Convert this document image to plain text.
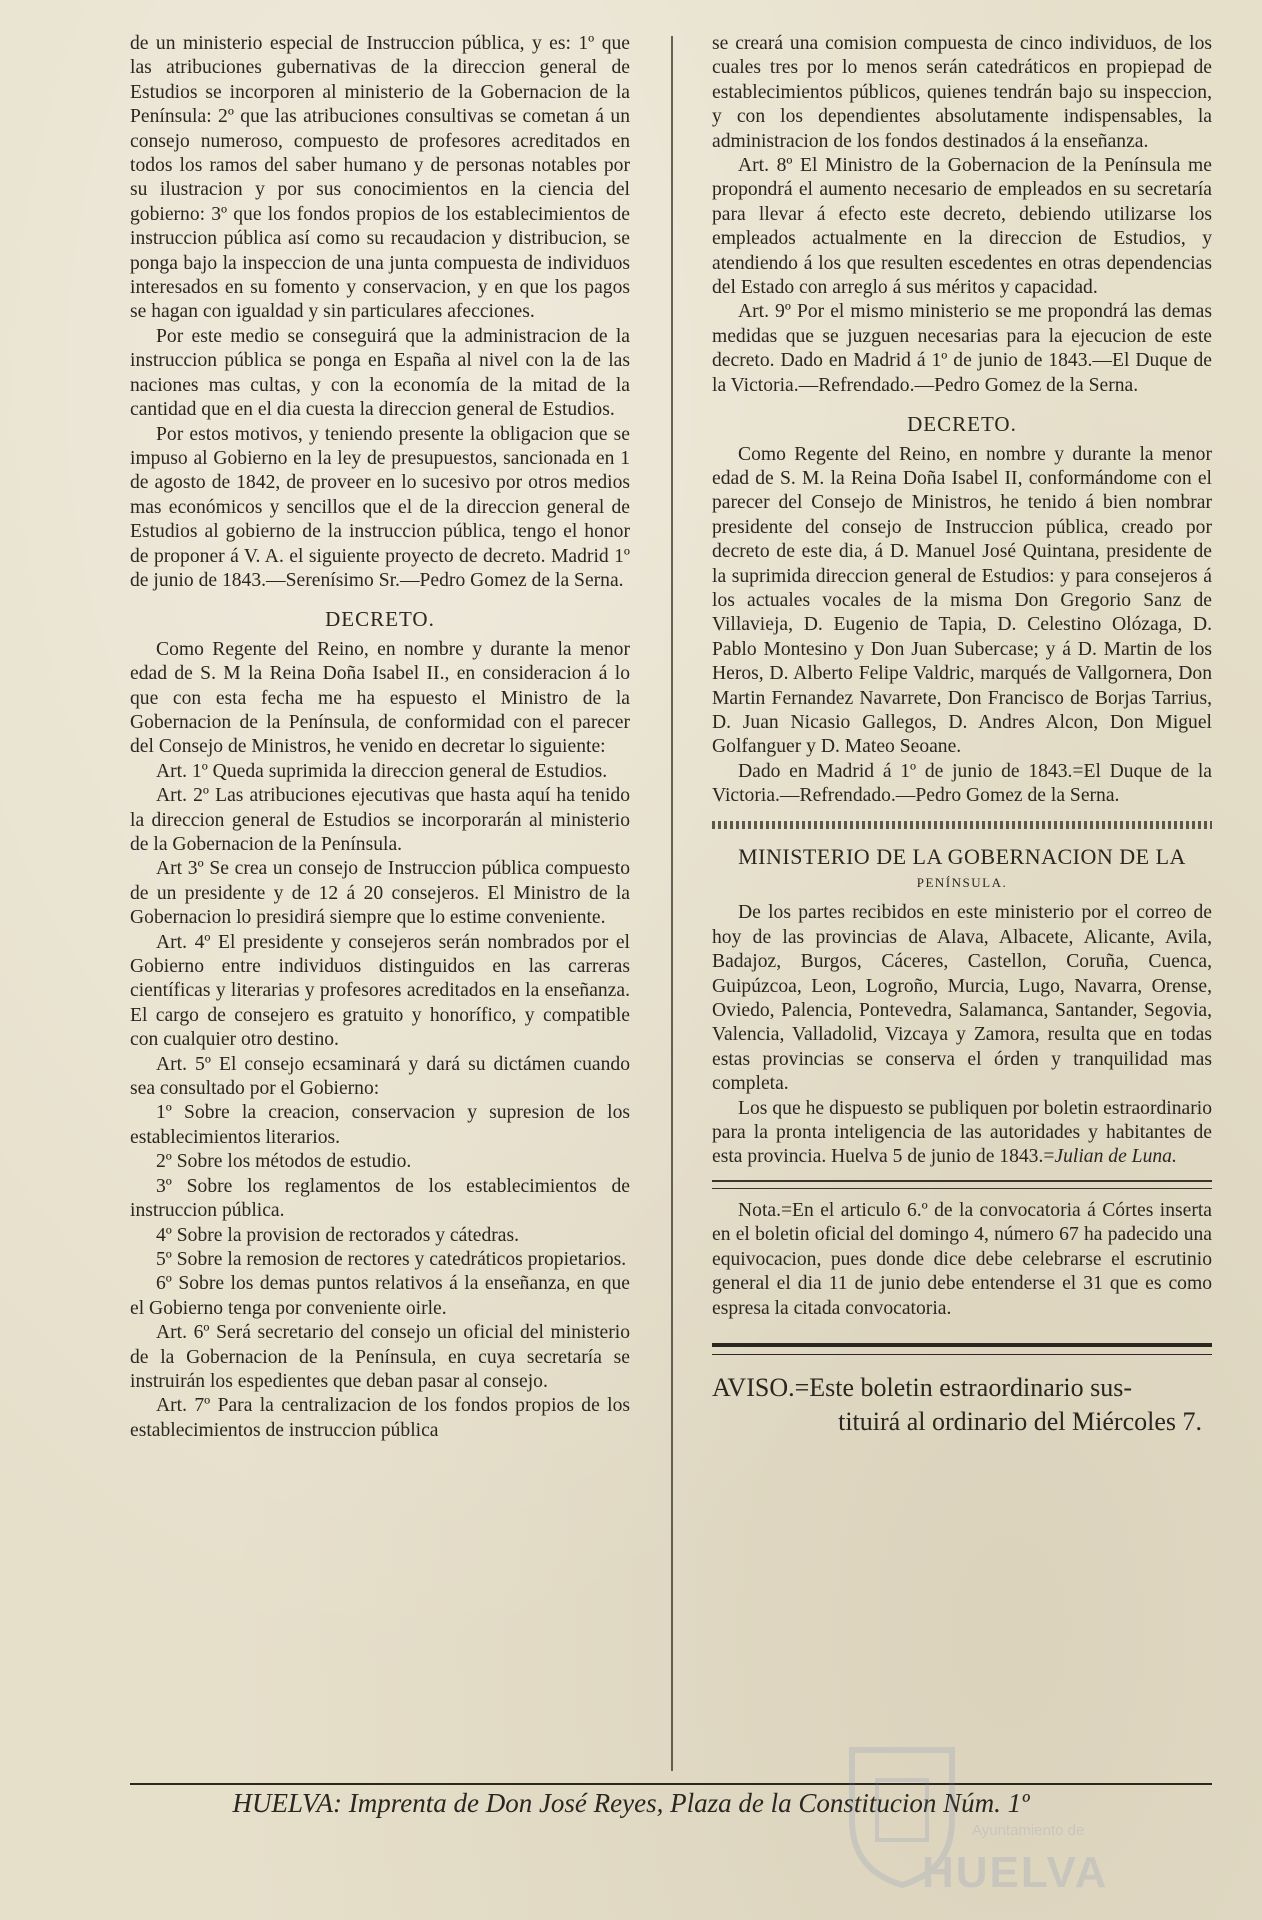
de un ministerio especial de Instruccion pública, y es: 1º que las atribuciones gubernativas de la direccion general de Estudios se incorporen al ministerio de la Gobernacion de la Península: 2º que las atribuciones consultivas se cometan á un consejo numeroso, compuesto de profesores acreditados en todos los ramos del saber humano y de personas notables por su ilustracion y por sus conocimientos en la ciencia del gobierno: 3º que los fondos propios de los establecimientos de instruccion pública así como su recaudacion y distribucion, se ponga bajo la inspeccion de una junta compuesta de individuos interesados en su fomento y conservacion, y en que los pagos se hagan con igualdad y sin particulares afecciones.

Por este medio se conseguirá que la administracion de la instruccion pública se ponga en España al nivel con la de las naciones mas cultas, y con la economía de la mitad de la cantidad que en el dia cuesta la direccion general de Estudios.

Por estos motivos, y teniendo presente la obligacion que se impuso al Gobierno en la ley de presupuestos, sancionada en 1 de agosto de 1842, de proveer en lo sucesivo por otros medios mas económicos y sencillos que el de la direccion general de Estudios al gobierno de la instruccion pública, tengo el honor de proponer á V. A. el siguiente proyecto de decreto. Madrid 1º de junio de 1843.—Serenísimo Sr.—Pedro Gomez de la Serna.

DECRETO.

Como Regente del Reino, en nombre y durante la menor edad de S. M la Reina Doña Isabel II., en consideracion á lo que con esta fecha me ha espuesto el Ministro de la Gobernacion de la Península, de conformidad con el parecer del Consejo de Ministros, he venido en decretar lo siguiente:

Art. 1º Queda suprimida la direccion general de Estudios.

Art. 2º Las atribuciones ejecutivas que hasta aquí ha tenido la direccion general de Estudios se incorporarán al ministerio de la Gobernacion de la Península.

Art 3º Se crea un consejo de Instruccion pública compuesto de un presidente y de 12 á 20 consejeros. El Ministro de la Gobernacion lo presidirá siempre que lo estime conveniente.

Art. 4º El presidente y consejeros serán nombrados por el Gobierno entre individuos distinguidos en las carreras científicas y literarias y profesores acreditados en la enseñanza. El cargo de consejero es gratuito y honorífico, y compatible con cualquier otro destino.

Art. 5º El consejo ecsaminará y dará su dictámen cuando sea consultado por el Gobierno:

1º Sobre la creacion, conservacion y supresion de los establecimientos literarios.

2º Sobre los métodos de estudio.

3º Sobre los reglamentos de los establecimientos de instruccion pública.

4º Sobre la provision de rectorados y cátedras.

5º Sobre la remosion de rectores y catedráticos propietarios.

6º Sobre los demas puntos relativos á la enseñanza, en que el Gobierno tenga por conveniente oirle.

Art. 6º Será secretario del consejo un oficial del ministerio de la Gobernacion de la Península, en cuya secretaría se instruirán los espedientes que deban pasar al consejo.

Art. 7º Para la centralizacion de los fondos propios de los establecimientos de instruccion pública

se creará una comision compuesta de cinco individuos, de los cuales tres por lo menos serán catedráticos en propiepad de establecimientos públicos, quienes tendrán bajo su inspeccion, y con los dependientes absolutamente indispensables, la administracion de los fondos destinados á la enseñanza.

Art. 8º El Ministro de la Gobernacion de la Península me propondrá el aumento necesario de empleados en su secretaría para llevar á efecto este decreto, debiendo utilizarse los empleados actualmente en la direccion de Estudios, y atendiendo á los que resulten escedentes en otras dependencias del Estado con arreglo á sus méritos y capacidad.

Art. 9º Por el mismo ministerio se me propondrá las demas medidas que se juzguen necesarias para la ejecucion de este decreto. Dado en Madrid á 1º de junio de 1843.—El Duque de la Victoria.—Refrendado.—Pedro Gomez de la Serna.

DECRETO.

Como Regente del Reino, en nombre y durante la menor edad de S. M. la Reina Doña Isabel II, conformándome con el parecer del Consejo de Ministros, he tenido á bien nombrar presidente del consejo de Instruccion pública, creado por decreto de este dia, á D. Manuel José Quintana, presidente de la suprimida direccion general de Estudios: y para consejeros á los actuales vocales de la misma Don Gregorio Sanz de Villavieja, D. Eugenio de Tapia, D. Celestino Olózaga, D. Pablo Montesino y Don Juan Subercase; y á D. Martin de los Heros, D. Alberto Felipe Valdric, marqués de Vallgornera, Don Martin Fernandez Navarrete, Don Francisco de Borjas Tarrius, D. Juan Nicasio Gallegos, D. Andres Alcon, Don Miguel Golfanguer y D. Mateo Seoane.

Dado en Madrid á 1º de junio de 1843.=El Duque de la Victoria.—Refrendado.—Pedro Gomez de la Serna.

MINISTERIO DE LA GOBERNACION DE LA
PENÍNSULA.

De los partes recibidos en este ministerio por el correo de hoy de las provincias de Alava, Albacete, Alicante, Avila, Badajoz, Burgos, Cáceres, Castellon, Coruña, Cuenca, Guipúzcoa, Leon, Logroño, Murcia, Lugo, Navarra, Orense, Oviedo, Palencia, Pontevedra, Salamanca, Santander, Segovia, Valencia, Valladolid, Vizcaya y Zamora, resulta que en todas estas provincias se conserva el órden y tranquilidad mas completa.

Los que he dispuesto se publiquen por boletin estraordinario para la pronta inteligencia de las autoridades y habitantes de esta provincia. Huelva 5 de junio de 1843.=Julian de Luna.

Nota.=En el articulo 6.º de la convocatoria á Córtes inserta en el boletin oficial del domingo 4, número 67 ha padecido una equivocacion, pues donde dice debe celebrarse el escrutinio general el dia 11 de junio debe entenderse el 31 que es como espresa la citada convocatoria.

AVISO.=Este boletin estraordinario sus-
tituirá al ordinario del Miércoles 7.
HUELVA: Imprenta de Don José Reyes, Plaza de la Constitucion Núm. 1º
Ayuntamiento de
HUELVA
